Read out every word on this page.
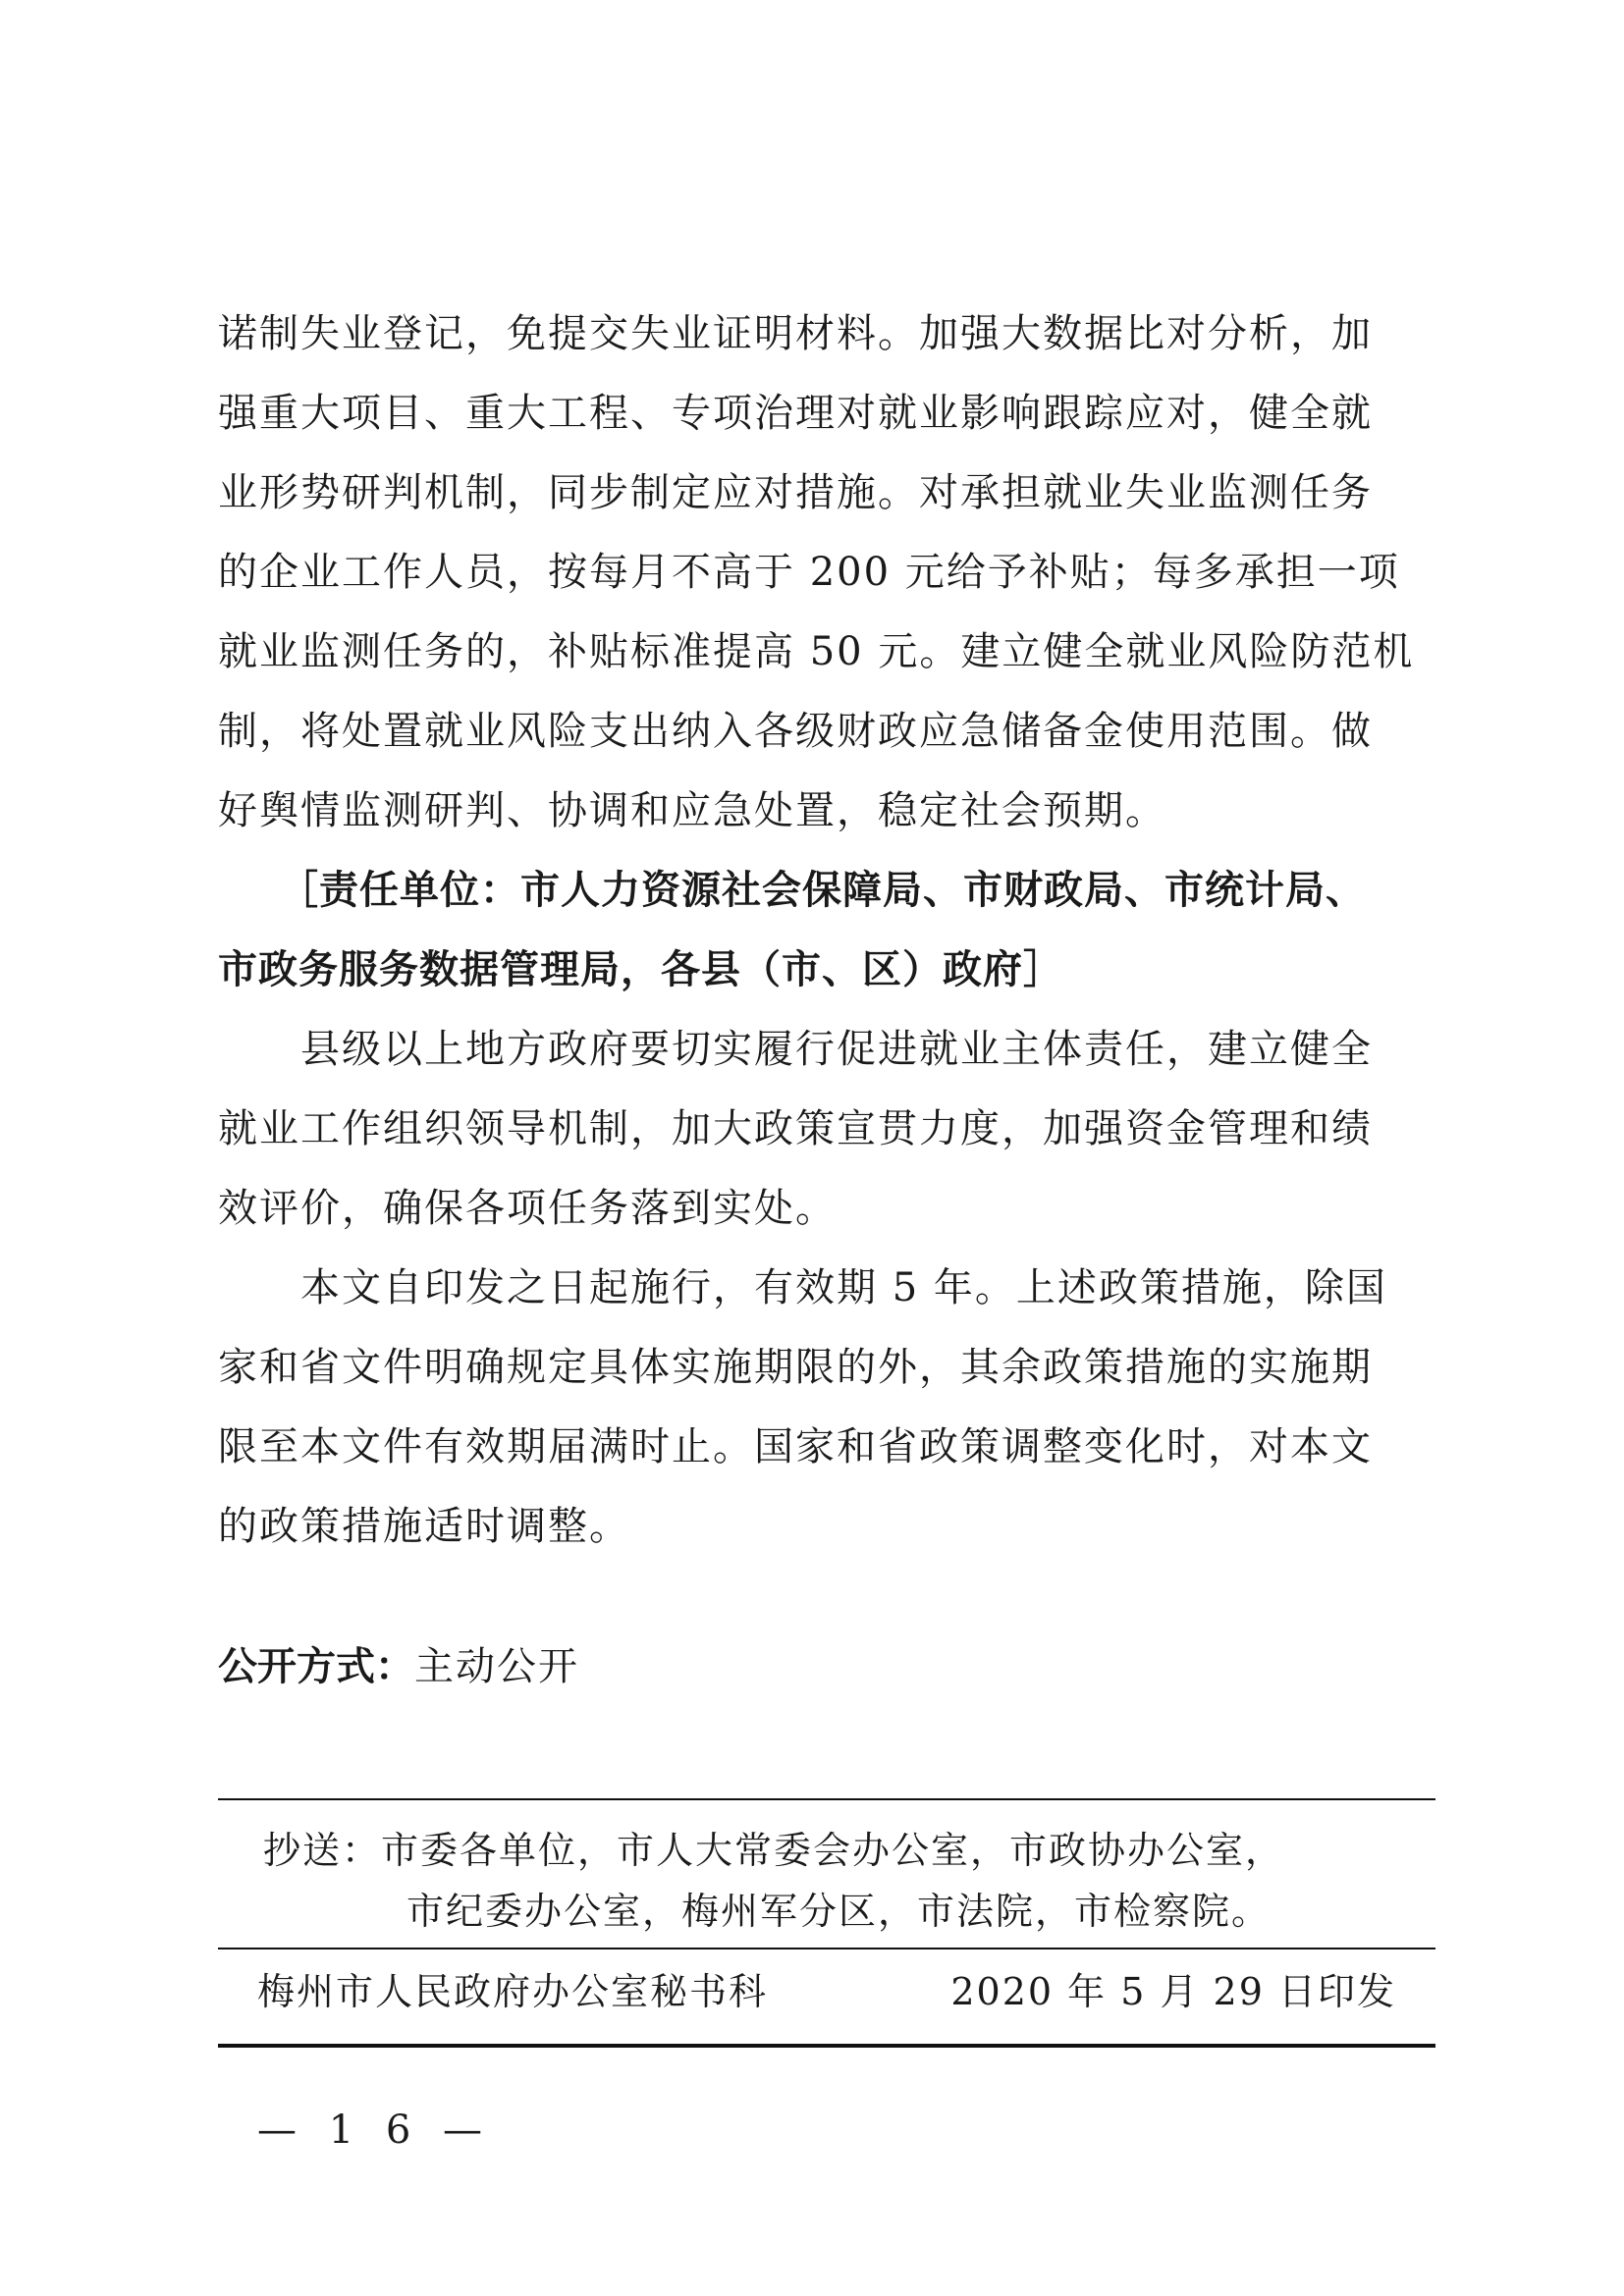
诺制失业登记，免提交失业证明材料。加强大数据比对分析，加
强重大项目、重大工程、专项治理对就业影响跟踪应对，健全就
业形势研判机制，同步制定应对措施。对承担就业失业监测任务
的企业工作人员，按每月不高于 200 元给予补贴；每多承担一项
就业监测任务的，补贴标准提高 50 元。建立健全就业风险防范机
制，将处置就业风险支出纳入各级财政应急储备金使用范围。做
好舆情监测研判、协调和应急处置，稳定社会预期。
［责任单位：市人力资源社会保障局、市财政局、市统计局、
市政务服务数据管理局，各县（市、区）政府］
县级以上地方政府要切实履行促进就业主体责任，建立健全
就业工作组织领导机制，加大政策宣贯力度，加强资金管理和绩
效评价，确保各项任务落到实处。
本文自印发之日起施行，有效期 5 年。上述政策措施，除国
家和省文件明确规定具体实施期限的外，其余政策措施的实施期
限至本文件有效期届满时止。国家和省政策调整变化时，对本文
的政策措施适时调整。
公开方式：主动公开
抄送：市委各单位，市人大常委会办公室，市政协办公室，
市纪委办公室，梅州军分区，市法院，市检察院。
梅州市人民政府办公室秘书科	2020 年 5 月 29 日印发
— 1 6 —
